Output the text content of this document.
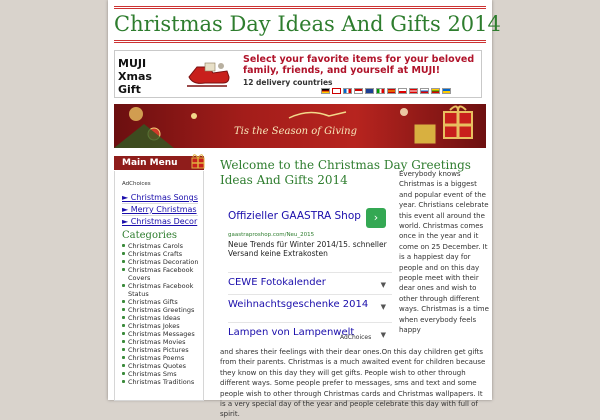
Christmas Day Ideas And Gifts 2014
MUJI Xmas Gift
Select your favorite items for your beloved family, friends, and yourself at MUJI!
12 delivery countries
Tis the Season of Giving
Main Menu
AdChoices
► Christmas Songs
► Merry Christmas
► Christmas Decor
Categories
Christmas Carols
Christmas Crafts
Christmas Decoration
Christmas Facebook Covers
Christmas Facebook Status
Christmas Gifts
Christmas Greetings
Christmas Ideas
Christmas Jokes
Christmas Messages
Christmas Movies
Christmas Pictures
Christmas Poems
Christmas Quotes
Christmas Sms
Christmas Traditions
Welcome to the Christmas Day Greetings Ideas And Gifts 2014
Offizieller GAASTRA Shop	›
gaastraproshop.com/Neu_2015
Neue Trends für Winter 2014/15. schneller Versand keine Extrakosten
CEWE Fotokalender	▼
Weihnachtsgeschenke 2014 ▼
Lampen von Lampenwelt	▼
AdChoices
Everybody knows Christmas is a biggest and popular event of the year. Christians celebrate this event all around the world. Christmas comes once in the year and it come on 25 December. It is a happiest day for people and on this day people meet with their dear ones and wish to other through different ways. Christmas is a time when everybody feels happy
and shares their feelings with their dear ones.On this day children get gifts from their parents. Christmas is a much awaited event for children because they know on this day they will get gifts. People wish to other through different ways. Some people prefer to messages, sms and text and some people wish to other through Christmas cards and Christmas wallpapers. It is a very special day of the year and people celebrate this day with full of spirit.
